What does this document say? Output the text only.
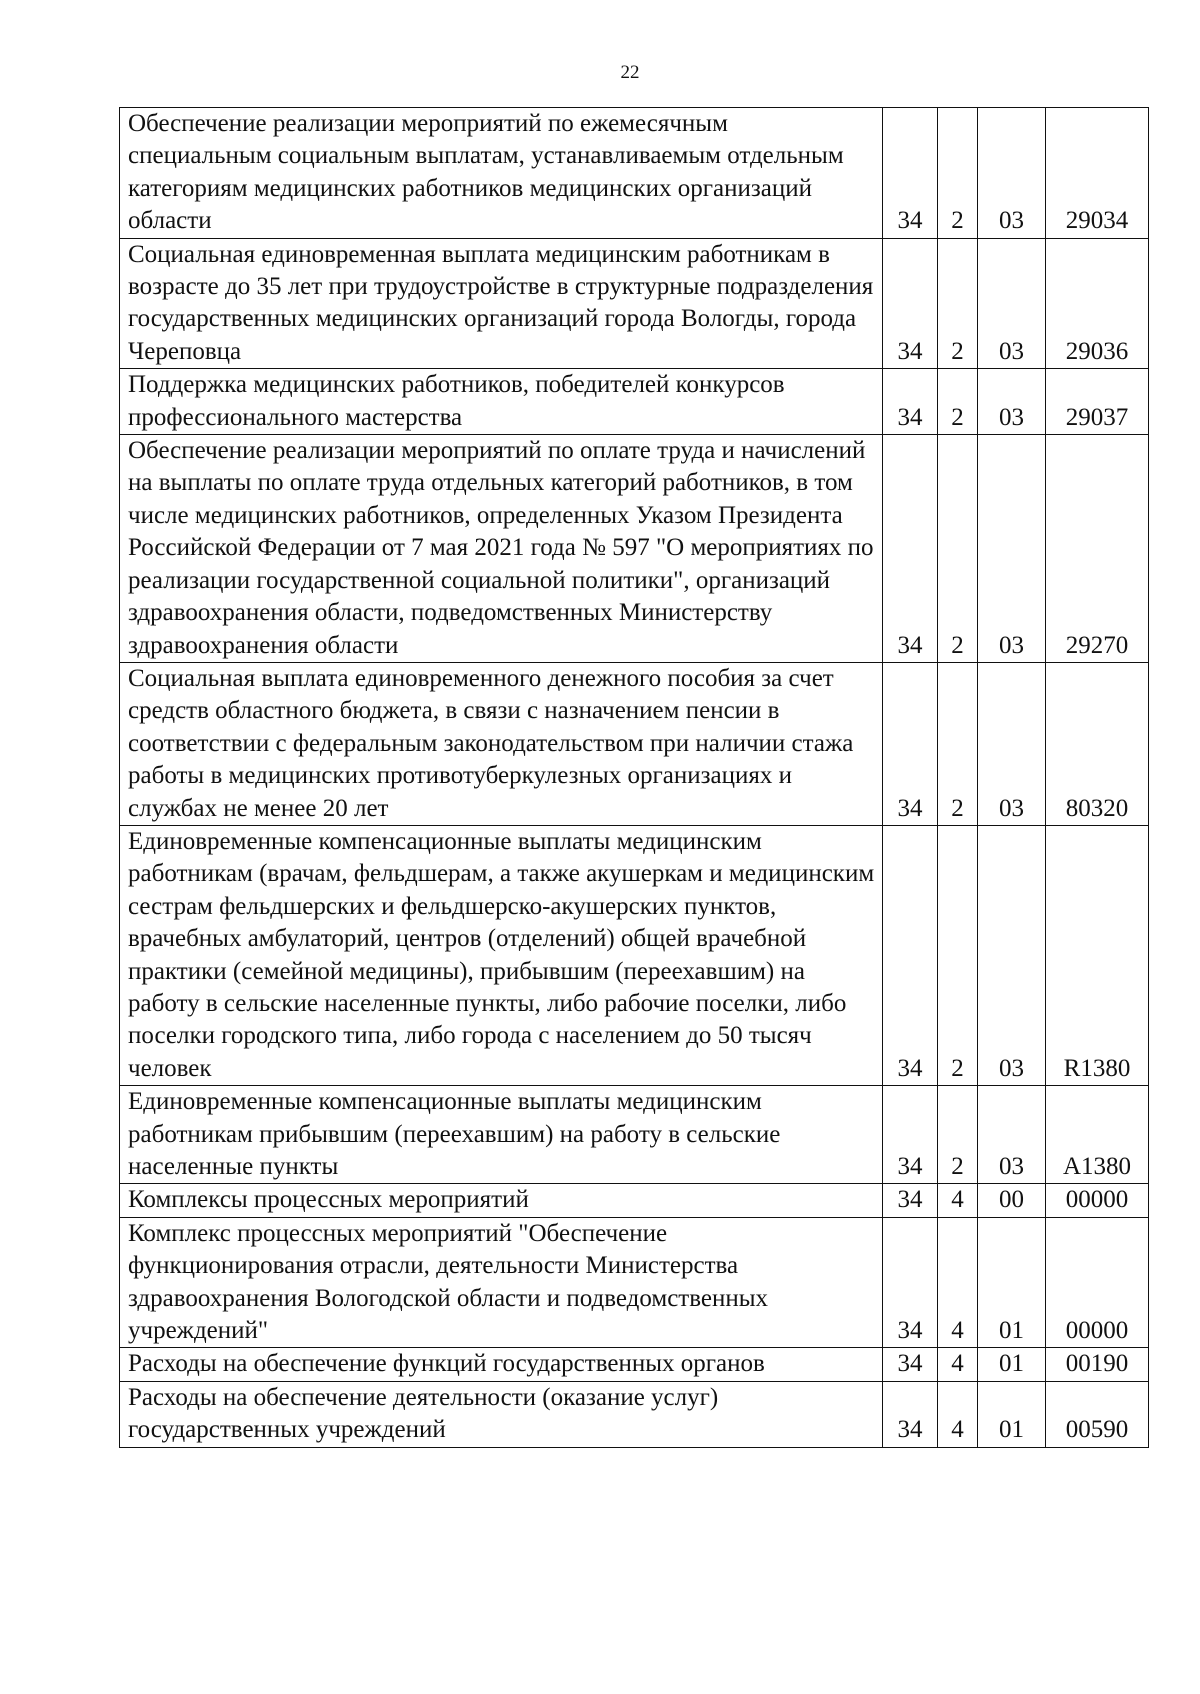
22
Обеспечение реализации мероприятий по ежемесячным специальным социальным выплатам, устанавливаемым отдельным категориям медицинских работников медицинских организаций области	34	2	03	29034
Социальная единовременная выплата медицинским работникам в возрасте до 35 лет при трудоустройстве в структурные подразделения государственных медицинских организаций города Вологды, города Череповца	34	2	03	29036
Поддержка медицинских работников, победителей конкурсов профессионального мастерства	34	2	03	29037
Обеспечение реализации мероприятий по оплате труда и начислений на выплаты по оплате труда отдельных категорий работников, в том числе медицинских работников, определенных Указом Президента Российской Федерации от 7 мая 2021 года № 597 "О мероприятиях по реализации государственной социальной политики", организаций здравоохранения области, подведомственных Министерству здравоохранения области	34	2	03	29270
Социальная выплата единовременного денежного пособия за счет средств областного бюджета, в связи с назначением пенсии в соответствии с федеральным законодательством при наличии стажа работы в медицинских противотуберкулезных организациях и службах не менее 20 лет	34	2	03	80320
Единовременные компенсационные выплаты медицинским работникам (врачам, фельдшерам, а также акушеркам и медицинским сестрам фельдшерских и фельдшерско-акушерских пунктов, врачебных амбулаторий, центров (отделений) общей врачебной практики (семейной медицины), прибывшим (переехавшим) на работу в сельские населенные пункты, либо рабочие поселки, либо поселки городского типа, либо города с населением до 50 тысяч человек	34	2	03	R1380
Единовременные компенсационные выплаты медицинским работникам прибывшим (переехавшим) на работу в сельские населенные пункты	34	2	03	A1380
Комплексы процессных мероприятий	34	4	00	00000
Комплекс процессных мероприятий "Обеспечение функционирования отрасли, деятельности Министерства здравоохранения Вологодской области и подведомственных учреждений"	34	4	01	00000
Расходы на обеспечение функций государственных органов	34	4	01	00190
Расходы на обеспечение деятельности (оказание услуг) государственных учреждений	34	4	01	00590
